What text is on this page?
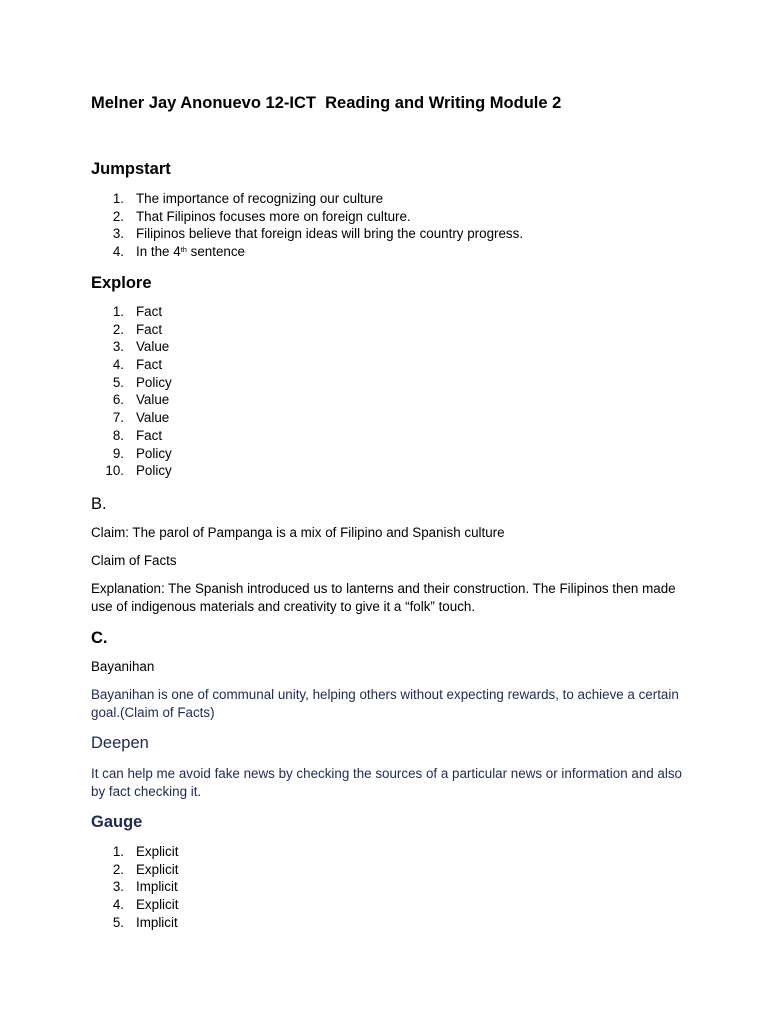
Melner Jay Anonuevo 12-ICT  Reading and Writing Module 2
Jumpstart
1. The importance of recognizing our culture
2. That Filipinos focuses more on foreign culture.
3. Filipinos believe that foreign ideas will bring the country progress.
4. In the 4th sentence
Explore
1. Fact
2. Fact
3. Value
4. Fact
5. Policy
6. Value
7. Value
8. Fact
9. Policy
10. Policy
B.
Claim: The parol of Pampanga is a mix of Filipino and Spanish culture
Claim of Facts
Explanation: The Spanish introduced us to lanterns and their construction. The Filipinos then made use of indigenous materials and creativity to give it a “folk” touch.
C.
Bayanihan
Bayanihan is one of communal unity, helping others without expecting rewards, to achieve a certain goal.(Claim of Facts)
Deepen
It can help me avoid fake news by checking the sources of a particular news or information and also by fact checking it.
Gauge
1. Explicit
2. Explicit
3. Implicit
4. Explicit
5. Implicit
